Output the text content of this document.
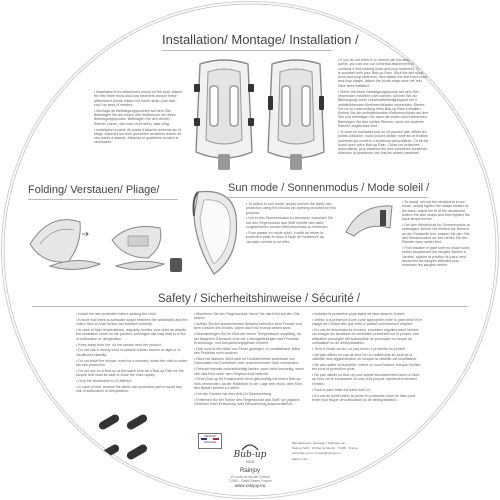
Installation/ Montage/ Installation /

• Installation from attachment points on the seat. Attach the first three hook-and-loop fasteners around these attachment points. Attach the fourth strap (one that can't be seen) if needed.

• Montage an Befestigungspunkten auf dem Sitz. Befestigen Sie die ersten drei Klettriemen um diese Befestigungspunkte. Befestigen Sie den vierten Riemen (einen, den man nicht sieht), falls nötig.

• Installation à partir de points d'attache présents sur le siège. Attachez les trois premières scratches autour de ces points d'attache. Attachez le quatrième scratch si nécessaire.

• If you do not want to or cannot use the attachment points, you can use our universal attachment kit that contains 4 self-sticking hook-and-loop fasteners. This kit is provided with your Bub-up Rain. Stick the self-sticking hook-and-loop fasteners, then attach the first three hook-and-loop straps. Attach the fourth strap once the rest have been installed.

• Wenn Sie keine Befestigungspunkte auf dem Sitz verwenden möchten oder können, können Sie zur Befestigung unser Universalbefestigungsset mit 4 selbstklebenden Klettverschlüssen verwenden. Dieses Set ist im Lieferumfang Ihres Bub-up Rain enthalten. Kleben Sie die selbstklebenden Klettverschlüsse auf den Sitz und befestigen Sie dann die ersten drei Klettriemen. Befestigen Sie den vierten Riemen, wenn die anderen Riemen angebracht sind.

• Si vous ne souhaitez pas ou ne pouvez pas utiliser les points d'attache, vous pouvez utiliser notre kit de fixation universel qui contient 4 scratches autocollants. Ce kit est fourni avec votre Bub-up Rain. Collez les scratches autocollants, puis attachez les trois premières scratches. Attachez la quatrième une fois les autres installées.

Folding/ Verstauen/ Pliage/	Sun mode / Sonnenmodus / Mode soleil /

• To switch to sun mode, simply remove the fabric rain protection using the circular zip opening provided for this purpose.

• Um in den Sonnenmodus zu wechseln, brauchen Sie nur den Regenschutz aus Stoff mithilfe des dafür vorgesehenen runden Reißverschluss zu entfernen.

• Pour passer en mode soleil, il suffit de retirer la protection pluie en tissu à l'aide de l'ouverture zip circulaire prévue à cet effet.

• To install, secure the windshield in sun mode, simply tighten the straps located at the back, adjust the fit of the windshield, loosen the side straps and then tighten the back straps further.

• Um den Windschutz im Sonnenmodus zu befestigen, ziehen Sie einfach die Riemen an der Rückseite fest, passen Sie den Sitz des Windschutzes an und ziehen Sie die Riemen dann weiter fest.

• Pour installer le pare-vent en mode soleil, serrez simplement les sangles situées à l'arrière, ajustez la position du pare-vent, desserrez les sangles latérales puis resserrez les sangles arrière.

Safety / Sicherheitshinweise / Sécurité /

• Install the rain protection before seating the child.

• Ensure that there is adequate space between the windshield and the child's face so that he/she can breathe correctly.

• In case of high temperatures, regularly monitor your child as despite the ventilation vents on the product, prolonged use may lead to a risk of suffocation or dehydration.

• Keep away from fire, do not smoke near the product.

• Do not use in strong wind or outside human access at night or in insufficient visibility.

• Do not leave the bicycle, even for a moment, when the child is under the rain protection.

• Do not use on a Bub-up at the same time as a Bub-up Rain for the bicycle that must be able to close the child rapidly.

• Only the windshield is UV-filtered.

• In case of rain, remove the fabric rain protection part to avoid any risk of suffocation or dehydration.

• Montieren Sie den Regenschutz, bevor Sie das Kind auf den Sitz setzen.

• Achten Sie auf ausreichenden Abstand zwischen dem Fenster und dem Gesicht des Kindes, damit das Kind normal atmen kann.

• Beaufsichtigen Sie Ihr Kind bei hohen Temperaturen sorgfältig, da bei längerem Gebrauch trotz der Lüftungsöffnungen des Produkts Erstickungs- und Dehydrierungsgefahr besteht.

• Darf nicht in die Nähe von Feuer gelangen. In unmittelbarer Nähe des Produkts nicht rauchen.

• Nicht bei starkem Wind oder im Dunkeln/Nebel außerhalb von Ortschaften bei Dunkelheit oder unzureichender Sicht verwenden.

• Fahrrad niemals unbeaufsichtigt lassen, auch nicht kurzzeitig, wenn sich das Kind unter dem Regenschutz befindet.

• Einen Bub-up für Erwachsene nicht gleichzeitig mit einem Bub-up Kids verwenden, da der Radfahrer in der Lage sein muss, dem Kind den Bedarf schnell zu helfen.

• Nur der Fenster hat eine Anti-UV-Beschichtung.

• Entfernen Sie bei Sonne den Regenschutz aus Stoff, um jegliche Gefahren einer Erstickung oder Dehydrierung auszuschließen.

• Installez la protection pluie avant de faire asseoir l'enfant.

• Veillez à la présence d'une zone appropriée entre le pare-brise et le visage de l'enfant afin que celui-ci puisse correctement respirer.

• En cas de températures élevées, surveillez régulièrement l'enfant, car malgré les aérations de ventilation présentes sur le produit, une utilisation prolongée est susceptible de provoquer un risque de suffocation ou de déshydratation.

• Tenir à l'écart du feu, ne pas fumer à proximité du produit.

• Ne pas utiliser en cas de vent fort ou nuit/brume au-delà de la visibilité hors agglomération ou lorsque la visibilité est insuffisante.

• Ne pas quitter la bicyclette, même un court instant, lorsque l'enfant est sous la protection pluie.

• Ne pas utiliser un Bub-up pour adulte simultanément avec un Bub-up Kids car le conducteur du vélo doit pouvoir rapidement secourir l'enfant.

• Seul le pare-brise est traité Anti-UV.

• En cas de soleil retirer la partie en protection pluie en tissu pour éviter tout risque de suffocation ou de déshydratation.

DESIGN
FRANCE
Bub-up
KIDS
Rainjoy
10 route du Moulin Cheval
71390 – Saint-Désert France
www.rainjoy.eu

Manufactured / Hersteller / Fabriqué par :

Rainjoy SAS · 10 Rue du Moulin · 71390 · France

www.bub-up.eu / contact@rainjoy.eu

Made in EU
